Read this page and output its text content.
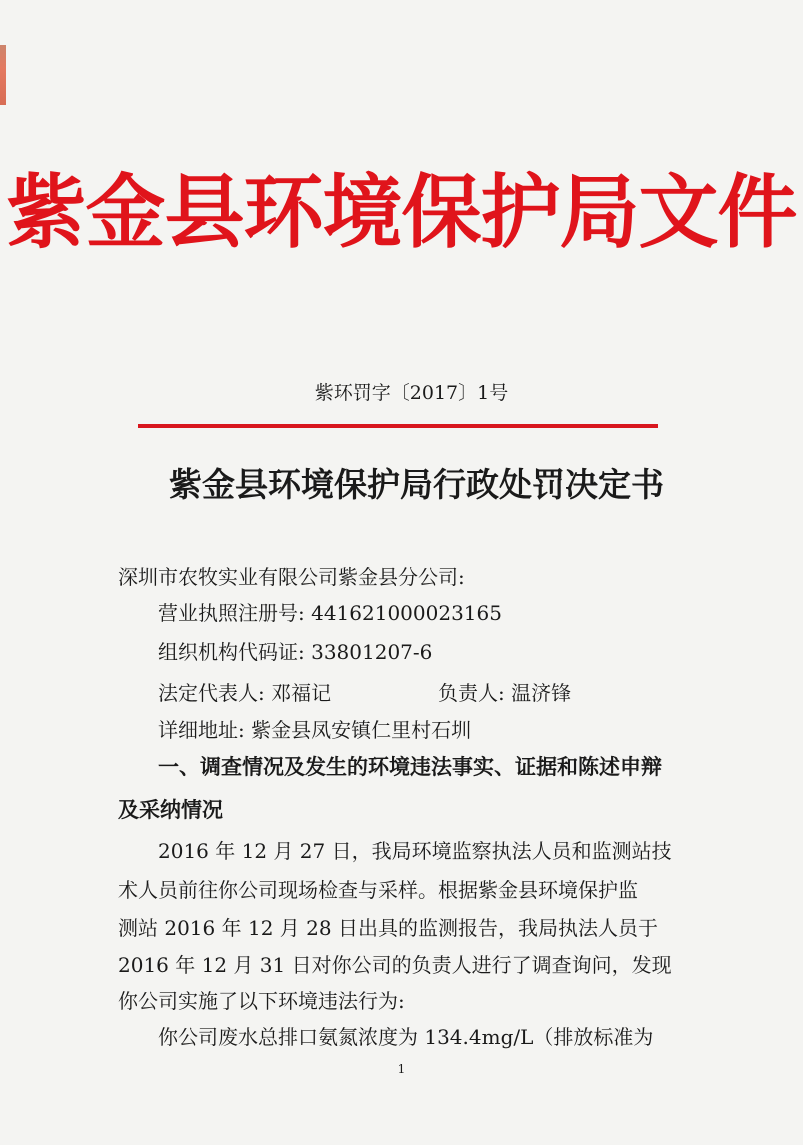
紫金县环境保护局文件
紫环罚字〔2017〕1号
紫金县环境保护局行政处罚决定书
深圳市农牧实业有限公司紫金县分公司:
营业执照注册号: 441621000023165
组织机构代码证: 33801207-6
法定代表人: 邓福记	负责人: 温济锋
详细地址: 紫金县凤安镇仁里村石圳
一、调查情况及发生的环境违法事实、证据和陈述申辩
及采纳情况
2016 年 12 月 27 日，我局环境监察执法人员和监测站技
术人员前往你公司现场检查与采样。根据紫金县环境保护监
测站 2016 年 12 月 28 日出具的监测报告，我局执法人员于
2016 年 12 月 31 日对你公司的负责人进行了调查询问，发现
你公司实施了以下环境违法行为:
你公司废水总排口氨氮浓度为 134.4mg/L（排放标准为
1
